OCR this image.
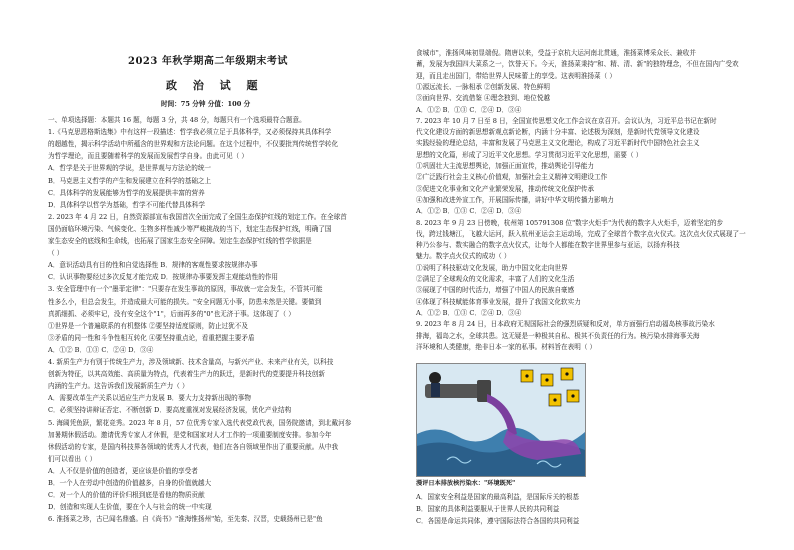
2023 年秋学期高二年级期末考试
政 治 试 题
时间：75 分钟 分值：100 分
一、单项选择题：本题共 16 题，每题 3 分，共 48 分，每题只有一个选项最符合题意。
1.《马克思恩格斯选集》中有这样一段描述：哲学我必须立足于具体科学，又必须保持其具体科学
的超越性，揭示科学活动中所蕴含的世界观和方法论问题。在这个过程中，不仅要批判传统哲学转化
为哲学理论，而且要随着科学的发展而发展哲学自身。由此可见（ ）
A．哲学是关于世界观的学说，是世界观与方法论的统一
B．马克思主义哲学的产生和发展建立在科学的基础之上
C．具体科学的发展能够为哲学的发展提供丰富的营养
D．具体科学以哲学为基础，哲学不可能代替具体科学
2. 2023 年 4 月 22 日，自然资源部宣布我国首次全面完成了全国生态保护红线的划定工作。在全球首
国仍面临环境污染、气候变化、生物多样性减少等严峻挑战的当下，划定生态保护红线，明确了国
家生态安全的底线和生命线，也拓展了国家生态安全屏障。划定生态保护红线的哲学依据是
（ ）
A．意识活动具有目的性和自觉选择性 B．规律的客观性要求按规律办事
C．认识事物要经过多次反复才能完成 D．按规律办事要发挥主观能动性的作用
3. 安全管理中有一个"墨菲定律"："只要存在发生事故的原因，事故就一定会发生，不管其可能
性多么小，但总会发生，并造成最大可能的损失。"安全问题无小事，防患未然是关键。要做到
真抓细抓、必须牢记，没有安全这个"1"，后面再多的"0"也无济于事。这体现了（ ）
①世界是一个普遍联系的有机整体 ②要坚持适度原则，防止过犹不及
③矛盾的同一性和斗争性相互转化 ④要坚持重点论，看重把握主要矛盾
A．①② B．①③ C．②④ D．③④
4. 新质生产力有别于传统生产力，涉及领域新、技术含量高，与新兴产业、未来产业有关，以科技
创新为特征，以其高效能、高质量为特点，代表着生产力的跃迁，是新时代的党要提升科技创新
内涵的生产力。这告诉我们发展新质生产力（ ）
A．需要改革生产关系以适应生产力发展 B．要大力支持新出现的事物
C．必须坚持讲辩证否定、不断创新 D．要高度重视对发展经济发展，优化产业结构
5. 海阔凭鱼跃，繁花竞秀。2023 年 8 月，57 位优秀专家入选代表党政代表，国务院邀请，到北戴河参
加暑期休假活动。邀请优秀专家人才休假，是党和国家对人才工作的一项重要制度安排。参加今年
休假活动的专家，是国内科技界各领域的优秀人才代表，他们在各自领域里作出了重要贡献。从中我
们可以看出（ ）
A．人不仅是价值的创造者，更应该是价值的享受者
B．一个人在劳动中创造的价值越多，自身的价值就越大
C．对一个人的价值的评价归根到底是看他的物质贡献
D．创造和实现人生价值，要在个人与社会的统一中实现
6. 淮扬菜之珍，古已闻名鼎盛。自《尚书》"淮海惟扬州"始，至先秦、汉晋，史载扬州已是"鱼
食城市"，淮扬风味初显端倪。隋唐以来，受益于京杭大运河南北贯通，淮扬菜博采众长、兼收并
蓄，发展为我国四大菜系之一，饮誉天下。今天，淮扬菜秉持"和、精、清、新"的独特理念，不但在国内广受欢
迎，而且走出国门，带给世界人民味蕾上的享受。这表明淮扬菜（ ）
①源远流长、一脉相承 ②创新发展、特色鲜明
③面向世界、交流借鉴 ④理念独到、地位悦越
A．①② B．①③ C．②④ D．③④
7. 2023 年 10 月 7 日至 8 日，全国宣传思想文化工作会议在京召开。会议认为，习近平总书记在新时
代文化建设方面的新思想新观点新论断，内涵十分丰富、论述极为深刻，是新时代党领导文化建设
实践经验的理论总结，丰富和发展了马克思主义文化理论，构成了习近平新时代中国特色社会主义
思想的文化篇，形成了习近平文化思想。学习贯彻习近平文化思想，需要（ ）
①巩固壮大主流思想舆论，加强正面宣传，推动舆论引导能力
②广泛践行社会主义核心价值观，加强社会主义精神文明建设工作
③促进文化事业和文化产业繁荣发展，推动传统文化保护传承
④加强和改进外宣工作，开展国际传播，讲好中华文明传播力影响力
A．①② B．①③ C．②④ D．③④
8. 2023 年 9 月 23 日傍晚，杭州第 105791308 位"数字火炬手"为代表的数字人火炬手，迈着坚定的步
伐，跨过钱塘江，飞越大运河，跃入杭州亚运会主运动场，完成了全球首个数字点火仪式。这次点火仪式展现了一
种乃公参与、数实融合的数字点火仪式，让每个人都能在数字世界里参与亚运，以扬弃科技
魅力。数字点火仪式的成功（ ）
①说明了科技驱动文化发展，助力中国文化走向世界
②满足了全球观众的文化需求，丰富了人们的文化生活
③展现了中国的时代活力，增强了中国人的民族自豪感
④体现了科技赋能体育事业发展，提升了我国文化软实力
A．①② B．①③ C．②④ D．③④
9. 2023 年 8 月 24 日，日本政府无视国际社会的强烈质疑和反对，单方面强行启动福岛核事故污染水
排海，福岛之水，全球共患。这无疑是一种极其自私、极其不负责任的行为。核污染水排海事关海
洋环境和人类健康，绝非日本一家的私事。材料旨在表明（ ）
漫评日本排放核污染水："环境既死"
A．国家安全利益是国家的最高利益，是国际斥关的根基
B．国家的具体利益要服从于世界人民的共同利益
C．各国是命运共同体，遵守国际法符合各国的共同利益
